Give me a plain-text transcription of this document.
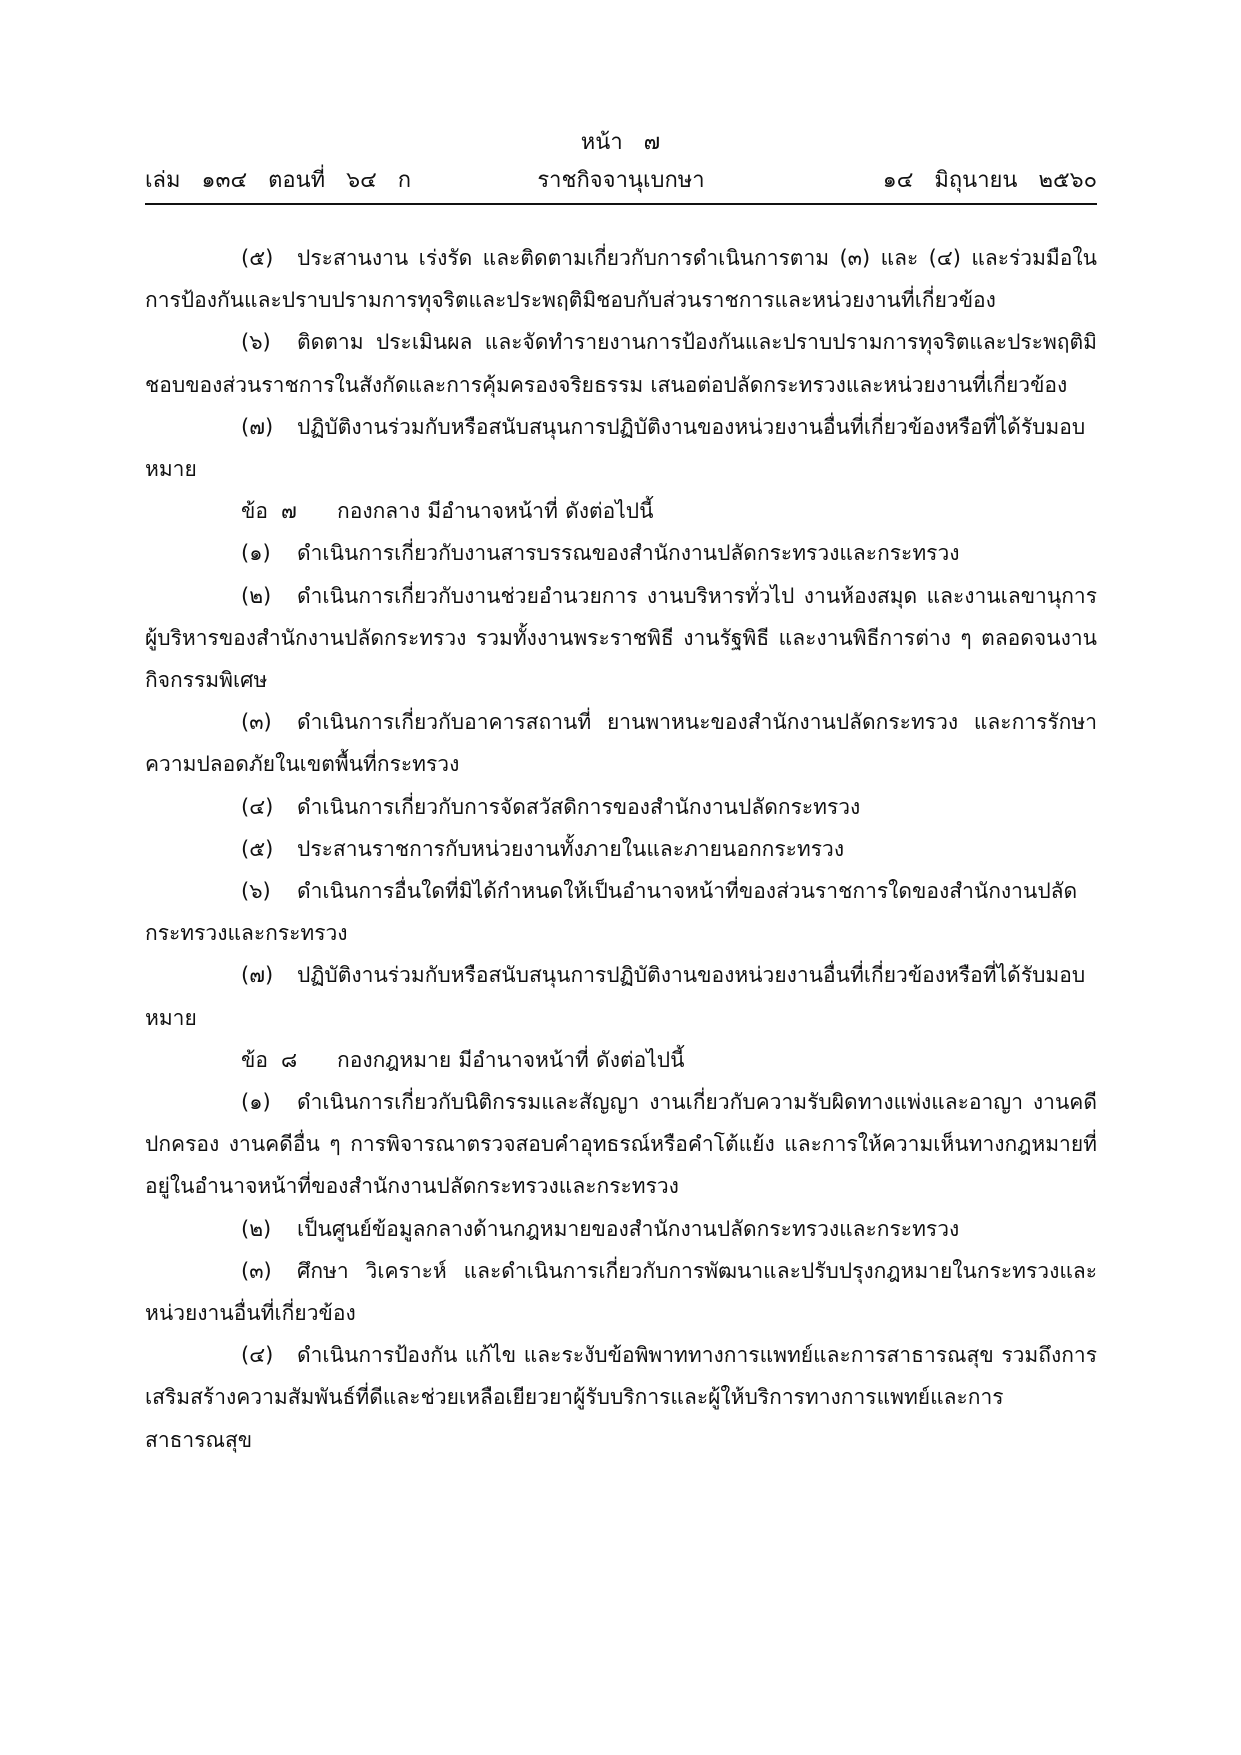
หน้า   ๗
ราชกิจจานุเบกษา
เล่ม   ๑๓๔   ตอนที่   ๖๔   ก	๑๔   มิถุนายน   ๒๕๖๐

(๕) ประสานงาน เร่งรัด และติดตามเกี่ยวกับการดำเนินการตาม (๓) และ (๔) และร่วมมือในการป้องกันและปราบปรามการทุจริตและประพฤติมิชอบกับส่วนราชการและหน่วยงานที่เกี่ยวข้อง

(๖) ติดตาม ประเมินผล และจัดทำรายงานการป้องกันและปราบปรามการทุจริตและประพฤติมิชอบของส่วนราชการในสังกัดและการคุ้มครองจริยธรรม เสนอต่อปลัดกระทรวงและหน่วยงานที่เกี่ยวข้อง

(๗) ปฏิบัติงานร่วมกับหรือสนับสนุนการปฏิบัติงานของหน่วยงานอื่นที่เกี่ยวข้องหรือที่ได้รับมอบหมาย

ข้อ ๗ กองกลาง มีอำนาจหน้าที่ ดังต่อไปนี้

(๑) ดำเนินการเกี่ยวกับงานสารบรรณของสำนักงานปลัดกระทรวงและกระทรวง

(๒) ดำเนินการเกี่ยวกับงานช่วยอำนวยการ งานบริหารทั่วไป งานห้องสมุด และงานเลขานุการผู้บริหารของสำนักงานปลัดกระทรวง รวมทั้งงานพระราชพิธี งานรัฐพิธี และงานพิธีการต่าง ๆ ตลอดจนงานกิจกรรมพิเศษ

(๓) ดำเนินการเกี่ยวกับอาคารสถานที่ ยานพาหนะของสำนักงานปลัดกระทรวง และการรักษาความปลอดภัยในเขตพื้นที่กระทรวง

(๔) ดำเนินการเกี่ยวกับการจัดสวัสดิการของสำนักงานปลัดกระทรวง

(๕) ประสานราชการกับหน่วยงานทั้งภายในและภายนอกกระทรวง

(๖) ดำเนินการอื่นใดที่มิได้กำหนดให้เป็นอำนาจหน้าที่ของส่วนราชการใดของสำนักงานปลัดกระทรวงและกระทรวง

(๗) ปฏิบัติงานร่วมกับหรือสนับสนุนการปฏิบัติงานของหน่วยงานอื่นที่เกี่ยวข้องหรือที่ได้รับมอบหมาย

ข้อ ๘ กองกฎหมาย มีอำนาจหน้าที่ ดังต่อไปนี้

(๑) ดำเนินการเกี่ยวกับนิติกรรมและสัญญา งานเกี่ยวกับความรับผิดทางแพ่งและอาญา งานคดีปกครอง งานคดีอื่น ๆ การพิจารณาตรวจสอบคำอุทธรณ์หรือคำโต้แย้ง และการให้ความเห็นทางกฎหมายที่อยู่ในอำนาจหน้าที่ของสำนักงานปลัดกระทรวงและกระทรวง

(๒) เป็นศูนย์ข้อมูลกลางด้านกฎหมายของสำนักงานปลัดกระทรวงและกระทรวง

(๓) ศึกษา วิเคราะห์ และดำเนินการเกี่ยวกับการพัฒนาและปรับปรุงกฎหมายในกระทรวงและหน่วยงานอื่นที่เกี่ยวข้อง

(๔) ดำเนินการป้องกัน แก้ไข และระงับข้อพิพาททางการแพทย์และการสาธารณสุข รวมถึงการเสริมสร้างความสัมพันธ์ที่ดีและช่วยเหลือเยียวยาผู้รับบริการและผู้ให้บริการทางการแพทย์และการสาธารณสุข
